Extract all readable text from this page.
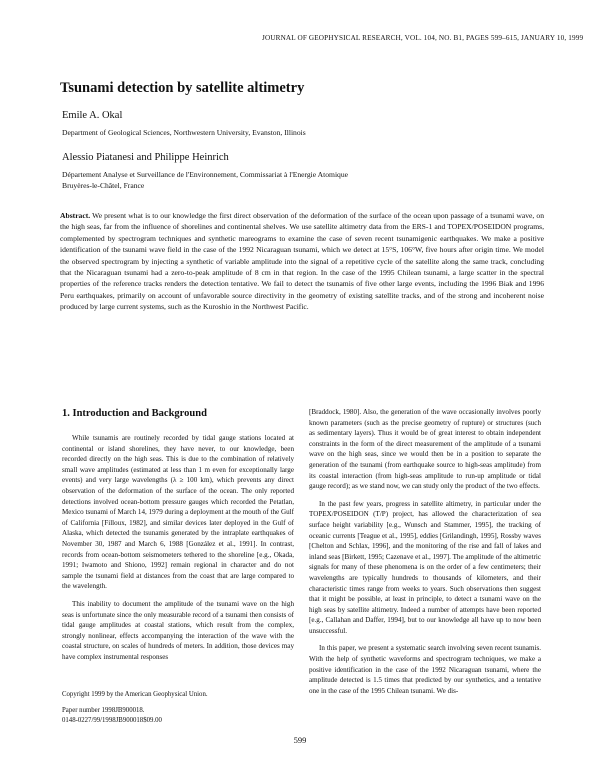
JOURNAL OF GEOPHYSICAL RESEARCH, VOL. 104, NO. B1, PAGES 599–615, JANUARY 10, 1999
Tsunami detection by satellite altimetry
Emile A. Okal
Department of Geological Sciences, Northwestern University, Evanston, Illinois
Alessio Piatanesi and Philippe Heinrich
Département Analyse et Surveillance de l'Environnement, Commissariat à l'Energie Atomique
Bruyères-le-Châtel, France
Abstract. We present what is to our knowledge the first direct observation of the deformation of the surface of the ocean upon passage of a tsunami wave, on the high seas, far from the influence of shorelines and continental shelves. We use satellite altimetry data from the ERS-1 and TOPEX/POSEIDON programs, complemented by spectrogram techniques and synthetic mareograms to examine the case of seven recent tsunamigenic earthquakes. We make a positive identification of the tsunami wave field in the case of the 1992 Nicaraguan tsunami, which we detect at 15°S, 106°W, five hours after origin time. We model the observed spectrogram by injecting a synthetic of variable amplitude into the signal of a repetitive cycle of the satellite along the same track, concluding that the Nicaraguan tsunami had a zero-to-peak amplitude of 8 cm in that region. In the case of the 1995 Chilean tsunami, a large scatter in the spectral properties of the reference tracks renders the detection tentative. We fail to detect the tsunamis of five other large events, including the 1996 Biak and 1996 Peru earthquakes, primarily on account of unfavorable source directivity in the geometry of existing satellite tracks, and of the strong and incoherent noise produced by large current systems, such as the Kuroshio in the Northwest Pacific.
1. Introduction and Background

While tsunamis are routinely recorded by tidal gauge stations located at continental or island shorelines, they have never, to our knowledge, been recorded directly on the high seas. This is due to the combination of relatively small wave amplitudes (estimated at less than 1 m even for exceptionally large events) and very large wavelengths (λ ≥ 100 km), which prevents any direct observation of the deformation of the surface of the ocean. The only reported detections involved ocean-bottom pressure gauges which recorded the Petatlan, Mexico tsunami of March 14, 1979 during a deployment at the mouth of the Gulf of California [Filloux, 1982], and similar devices later deployed in the Gulf of Alaska, which detected the tsunamis generated by the intraplate earthquakes of November 30, 1987 and March 6, 1988 [González et al., 1991]. In contrast, records from ocean-bottom seismometers tethered to the shoreline [e.g., Okada, 1991; Iwamoto and Shiono, 1992] remain regional in character and do not sample the tsunami field at distances from the coast that are large compared to the wavelength.

This inability to document the amplitude of the tsunami wave on the high seas is unfortunate since the only measurable record of a tsunami then consists of tidal gauge amplitudes at coastal stations, which result from the complex, strongly nonlinear, effects accompanying the interaction of the wave with the coastal structure, on scales of hundreds of meters. In addition, those devices may have complex instrumental responses

Copyright 1999 by the American Geophysical Union.
Paper number 1998JB900018.
0148-0227/99/1998JB900018$09.00

[Braddock, 1980]. Also, the generation of the wave occasionally involves poorly known parameters (such as the precise geometry of rupture) or structures (such as sedimentary layers). Thus it would be of great interest to obtain independent constraints in the form of the direct measurement of the amplitude of a tsunami wave on the high seas, since we would then be in a position to separate the generation of the tsunami (from earthquake source to high-seas amplitude) from its coastal interaction (from high-seas amplitude to run-up amplitude or tidal gauge record); as we stand now, we can study only the product of the two effects.

In the past few years, progress in satellite altimetry, in particular under the TOPEX/POSEIDON (T/P) project, has allowed the characterization of sea surface height variability [e.g., Wunsch and Stammer, 1995], the tracking of oceanic currents [Teague et al., 1995], eddies [Grilandingh, 1995], Rossby waves [Chelton and Schlax, 1996], and the monitoring of the rise and fall of lakes and inland seas [Birkett, 1995; Cazenave et al., 1997]. The amplitude of the altimetric signals for many of these phenomena is on the order of a few centimeters; their wavelengths are typically hundreds to thousands of kilometers, and their characteristic times range from weeks to years. Such observations then suggest that it might be possible, at least in principle, to detect a tsunami wave on the high seas by satellite altimetry. Indeed a number of attempts have been reported [e.g., Callahan and Daffer, 1994], but to our knowledge all have up to now been unsuccessful.

In this paper, we present a systematic search involving seven recent tsunamis. With the help of synthetic waveforms and spectrogram techniques, we make a positive identification in the case of the 1992 Nicaraguan tsunami, where the amplitude detected is 1.5 times that predicted by our synthetics, and a tentative one in the case of the 1995 Chilean tsunami. We dis-

599
